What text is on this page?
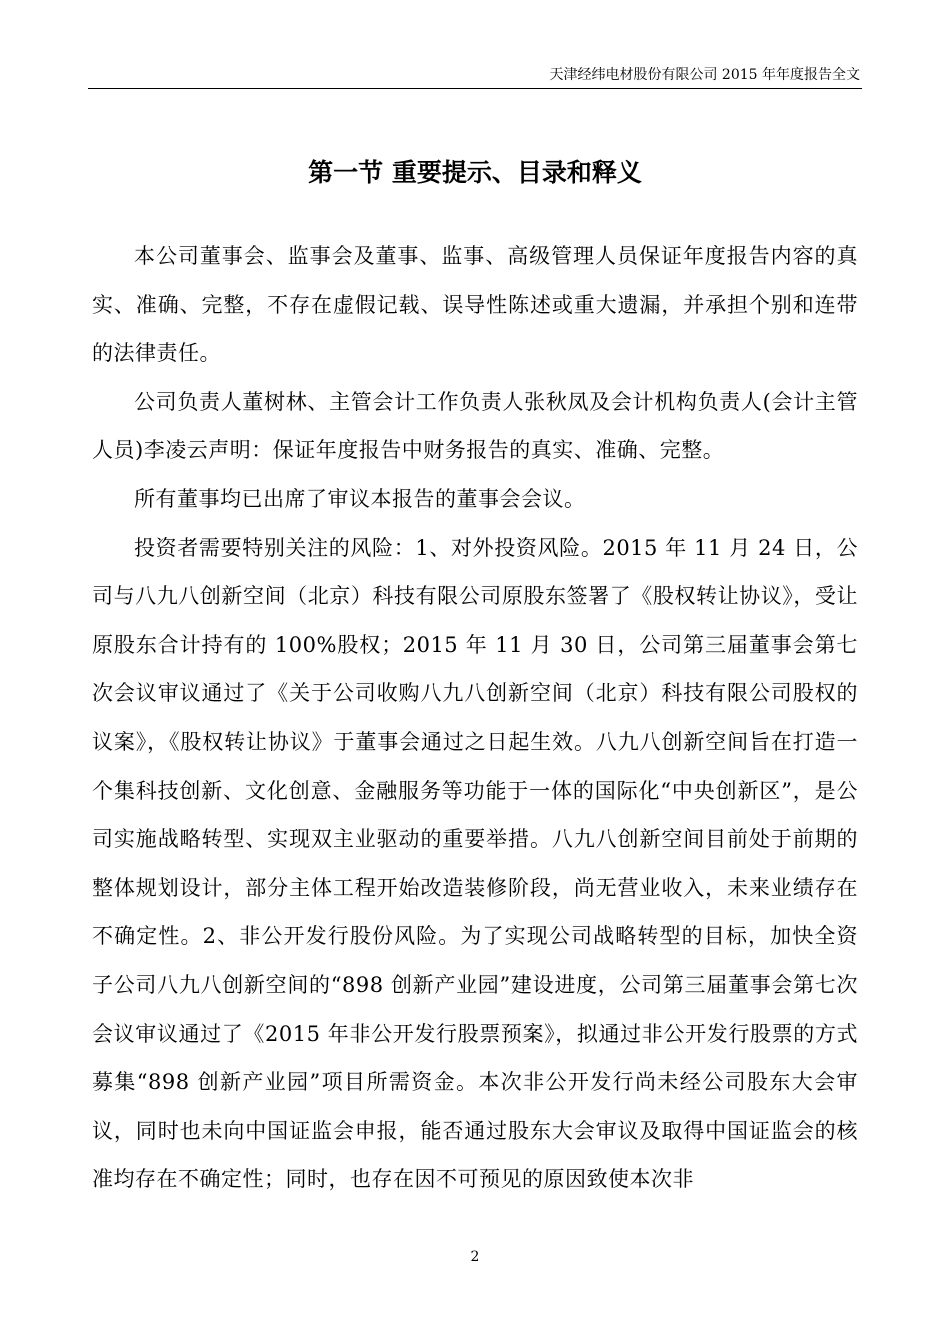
天津经纬电材股份有限公司 2015 年年度报告全文
第一节 重要提示、目录和释义

本公司董事会、监事会及董事、监事、高级管理人员保证年度报告内容的真实、准确、完整，不存在虚假记载、误导性陈述或重大遗漏，并承担个别和连带的法律责任。

公司负责人董树林、主管会计工作负责人张秋凤及会计机构负责人(会计主管人员)李凌云声明：保证年度报告中财务报告的真实、准确、完整。

所有董事均已出席了审议本报告的董事会会议。

投资者需要特别关注的风险：1、对外投资风险。2015 年 11 月 24 日，公司与八九八创新空间（北京）科技有限公司原股东签署了《股权转让协议》，受让原股东合计持有的 100%股权；2015 年 11 月 30 日，公司第三届董事会第七次会议审议通过了《关于公司收购八九八创新空间（北京）科技有限公司股权的议案》，《股权转让协议》于董事会通过之日起生效。八九八创新空间旨在打造一个集科技创新、文化创意、金融服务等功能于一体的国际化“中央创新区”，是公司实施战略转型、实现双主业驱动的重要举措。八九八创新空间目前处于前期的整体规划设计，部分主体工程开始改造装修阶段，尚无营业收入，未来业绩存在不确定性。2、非公开发行股份风险。为了实现公司战略转型的目标，加快全资子公司八九八创新空间的“898 创新产业园”建设进度，公司第三届董事会第七次会议审议通过了《2015 年非公开发行股票预案》，拟通过非公开发行股票的方式募集“898 创新产业园”项目所需资金。本次非公开发行尚未经公司股东大会审议，同时也未向中国证监会申报，能否通过股东大会审议及取得中国证监会的核准均存在不确定性；同时，也存在因不可预见的原因致使本次非

2
